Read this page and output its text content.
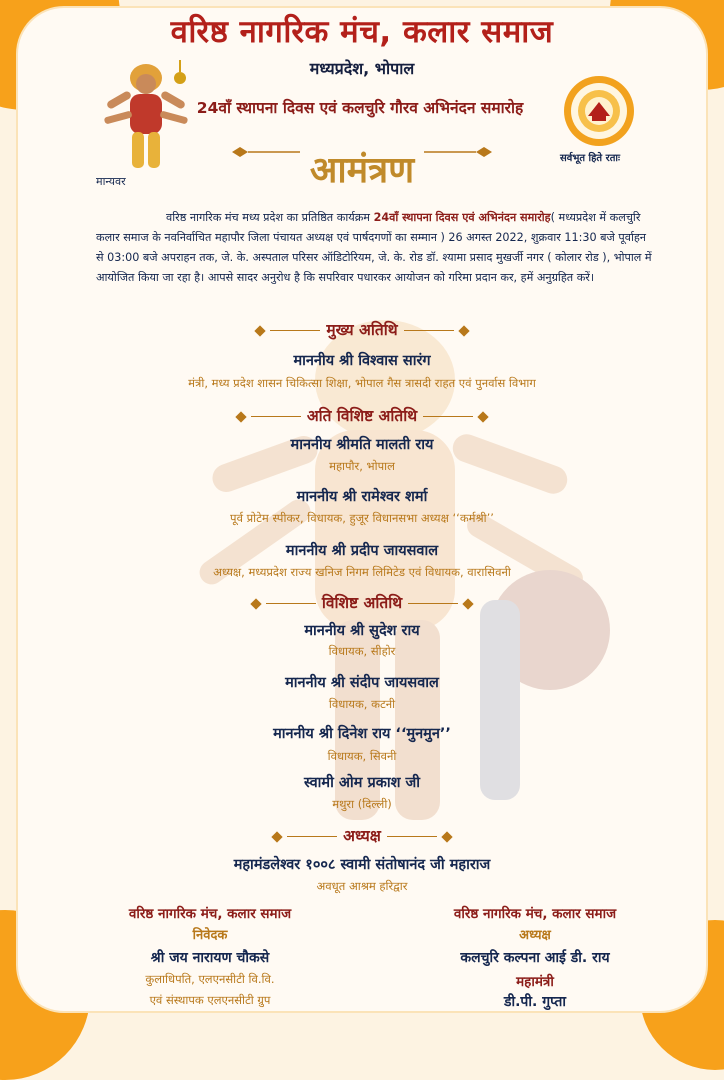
वरिष्ठ नागरिक मंच, कलार समाज
मध्यप्रदेश, भोपाल
24वाँ स्थापना दिवस एवं कलचुरि गौरव अभिनंदन समारोह
सर्वभूत हिते रताः
आमंत्रण
मान्यवर
वरिष्ठ नागरिक मंच मध्य प्रदेश का प्रतिष्ठित कार्यक्रम 24वाँ स्थापना दिवस एवं अभिनंदन समारोह( मध्यप्रदेश में कलचुरि कलार समाज के नवनिर्वाचित महापौर जिला पंचायत अध्यक्ष एवं पार्षदगणों का सम्मान ) 26 अगस्त 2022, शुक्रवार 11:30 बजे पूर्वाहन से 03:00 बजे अपराहन तक, जे. के. अस्पताल परिसर ऑडिटोरियम, जे. के. रोड डॉ. श्यामा प्रसाद मुखर्जी नगर ( कोलार रोड ), भोपाल में आयोजित किया जा रहा है। आपसे सादर अनुरोध है कि सपरिवार पधारकर आयोजन को गरिमा प्रदान कर, हमें अनुग्रहित करें।
मुख्य अतिथि
माननीय श्री विश्वास सारंग
मंत्री, मध्य प्रदेश शासन चिकित्सा शिक्षा, भोपाल गैस त्रासदी राहत एवं पुनर्वास विभाग
अति विशिष्ट अतिथि
माननीय श्रीमति मालती राय
महापौर, भोपाल
माननीय श्री रामेश्वर शर्मा
पूर्व प्रोटेम स्पीकर, विधायक, हुजूर विधानसभा अध्यक्ष ‘‘कर्मश्री’’
माननीय श्री प्रदीप जायसवाल
अध्यक्ष, मध्यप्रदेश राज्य खनिज निगम लिमिटेड एवं विधायक, वारासिवनी
विशिष्ट अतिथि
माननीय श्री सुदेश राय
विधायक, सीहोर
माननीय श्री संदीप जायसवाल
विधायक, कटनी
माननीय श्री दिनेश राय ‘‘मुनमुन’’
विधायक, सिवनी
स्वामी ओम प्रकाश जी
मथुरा (दिल्ली)
अध्यक्ष
महामंडलेश्वर १००८ स्वामी संतोषानंद जी महाराज
अवधूत आश्रम हरिद्वार
वरिष्ठ नागरिक मंच, कलार समाज
निवेदक
श्री जय नारायण चौकसे
कुलाधिपति, एलएनसीटी वि.वि.
एवं संस्थापक एलएनसीटी ग्रुप
वरिष्ठ नागरिक मंच, कलार समाज
अध्यक्ष
कलचुरि कल्पना आई डी. राय
महामंत्री
डी.पी. गुप्ता
